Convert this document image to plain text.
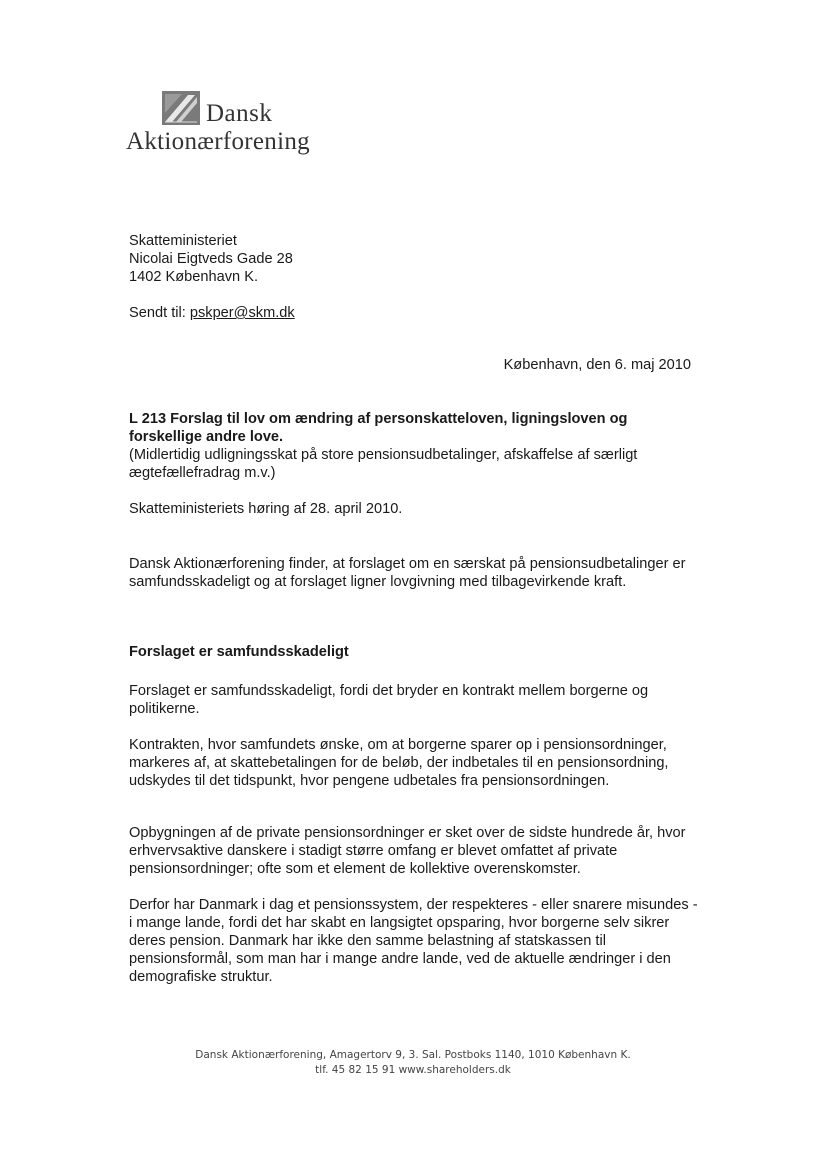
Dansk
Aktionærforening
Skatteministeriet
Nicolai Eigtveds Gade 28
1402 København K.
Sendt til: pskper@skm.dk
København, den 6. maj 2010
L 213 Forslag til lov om ændring af personskatteloven, ligningsloven og forskellige andre love.
(Midlertidig udligningsskat på store pensionsudbetalinger, afskaffelse af særligt ægtefællefradrag m.v.)
Skatteministeriets høring af 28. april 2010.
Dansk Aktionærforening finder, at forslaget om en særskat på pensionsudbetalinger er samfundsskadeligt og at forslaget ligner lovgivning med tilbagevirkende kraft.
Forslaget er samfundsskadeligt
Forslaget er samfundsskadeligt, fordi det bryder en kontrakt mellem borgerne og politikerne.
Kontrakten, hvor samfundets ønske, om at borgerne sparer op i pensionsordninger, markeres af, at skattebetalingen for de beløb, der indbetales til en pensionsordning, udskydes til det tidspunkt, hvor pengene udbetales fra pensionsordningen.
Opbygningen af de private pensionsordninger er sket over de sidste hundrede år, hvor erhvervsaktive danskere i stadigt større omfang er blevet omfattet af private pensionsordninger; ofte som et element de kollektive overenskomster.
Derfor har Danmark i dag et pensionssystem, der respekteres - eller snarere misundes - i mange lande, fordi det har skabt en langsigtet opsparing, hvor borgerne selv sikrer deres pension. Danmark har ikke den samme belastning af statskassen til pensionsformål, som man har i mange andre lande, ved de aktuelle ændringer i den demografiske struktur.
Dansk Aktionærforening, Amagertorv 9, 3. Sal. Postboks 1140, 1010 København K.
tlf. 45 82 15 91 www.shareholders.dk
